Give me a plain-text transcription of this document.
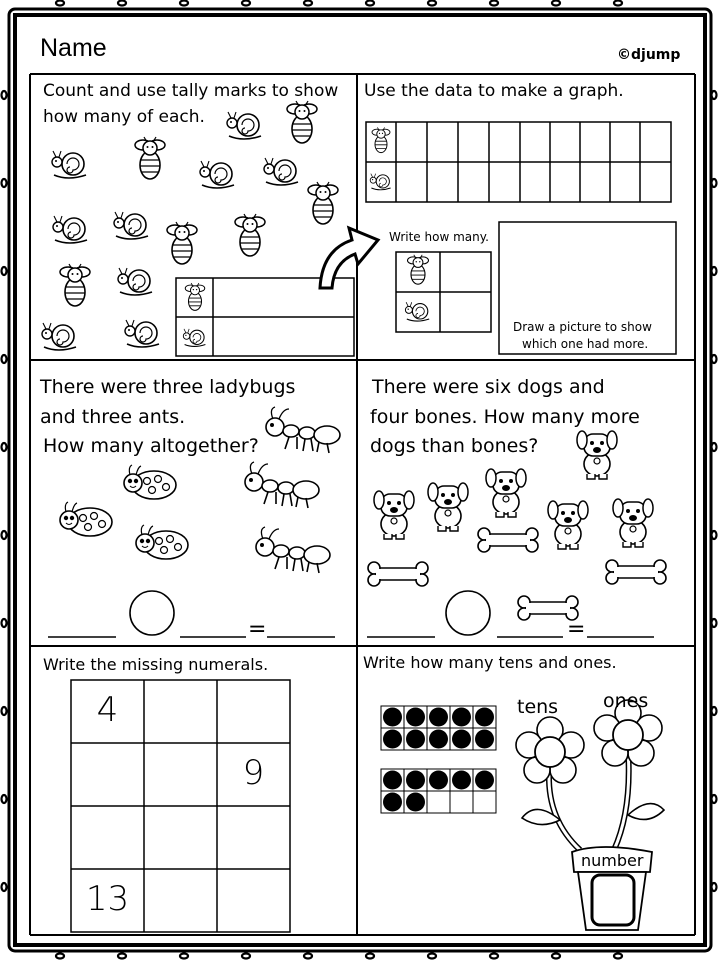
Name	©djump
Count and use tally marks to show
how many of each.
Use the data to make a graph.
Write how many.
Draw a picture to show
which one had more.
There were three ladybugs
and three ants.
How many altogether?
=
There were six dogs and
four bones. How many more
dogs than bones?
=
Write the missing numerals.	Write how many tens and ones.
tens ones
number
4
9
13
